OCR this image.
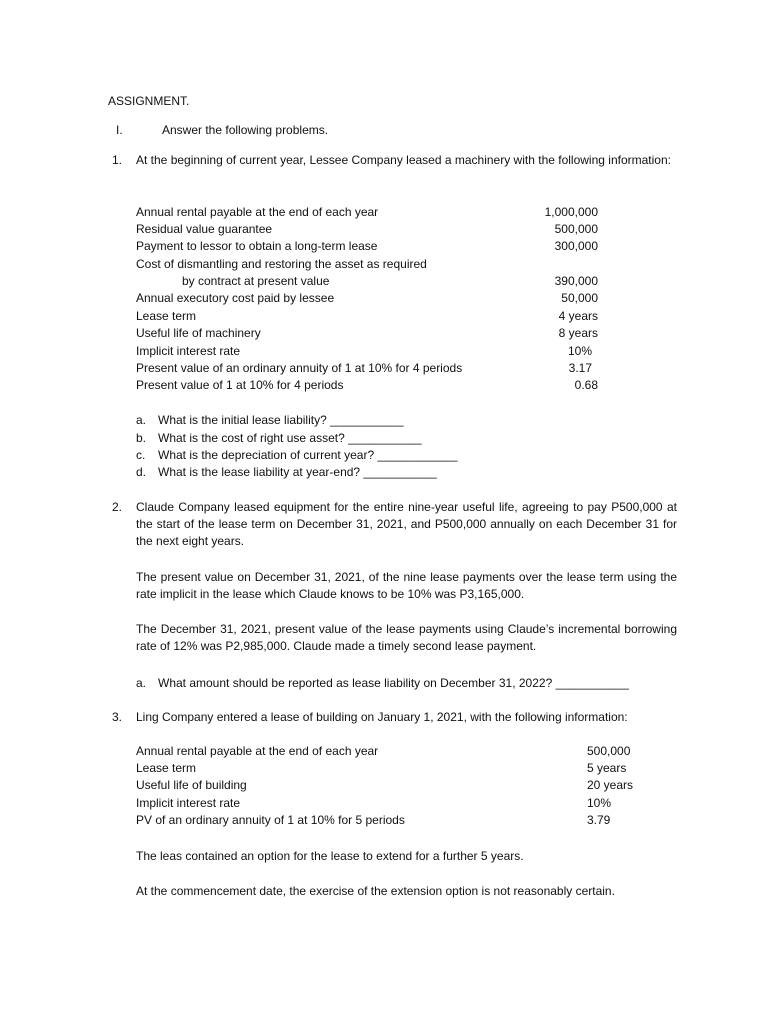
ASSIGNMENT.
I.	Answer the following problems.
1. At the beginning of current year, Lessee Company leased a machinery with the following information:
Annual rental payable at the end of each year	1,000,000
Residual value guarantee	500,000
Payment to lessor to obtain a long-term lease	300,000
Cost of dismantling and restoring the asset as required
by contract at present value	390,000
Annual executory cost paid by lessee	50,000
Lease term	4 years
Useful life of machinery	8 years
Implicit interest rate	10%
Present value of an ordinary annuity of 1 at 10% for 4 periods	3.17
Present value of 1 at 10% for 4 periods	0.68
a. What is the initial lease liability? ___________
b. What is the cost of right use asset? ___________
c. What is the depreciation of current year? ____________
d. What is the lease liability at year-end? ___________
2. Claude Company leased equipment for the entire nine-year useful life, agreeing to pay P500,000 at the start of the lease term on December 31, 2021, and P500,000 annually on each December 31 for the next eight years.
The present value on December 31, 2021, of the nine lease payments over the lease term using the rate implicit in the lease which Claude knows to be 10% was P3,165,000.
The December 31, 2021, present value of the lease payments using Claude’s incremental borrowing rate of 12% was P2,985,000. Claude made a timely second lease payment.
a. What amount should be reported as lease liability on December 31, 2022? ___________
3. Ling Company entered a lease of building on January 1, 2021, with the following information:
Annual rental payable at the end of each year	500,000
Lease term	5 years
Useful life of building	20 years
Implicit interest rate	10%
PV of an ordinary annuity of 1 at 10% for 5 periods	3.79
The leas contained an option for the lease to extend for a further 5 years.
At the commencement date, the exercise of the extension option is not reasonably certain.
